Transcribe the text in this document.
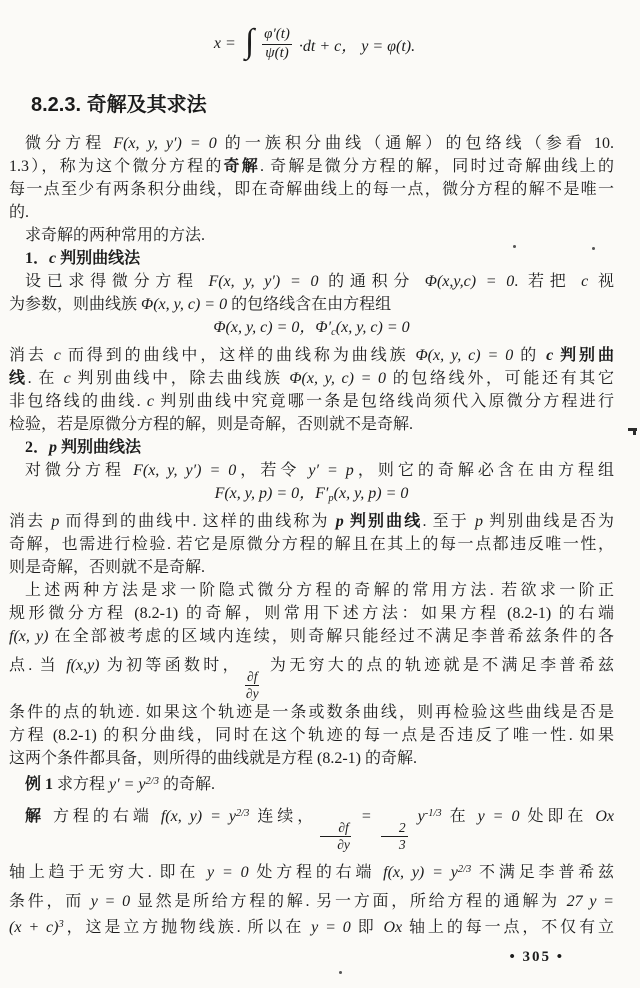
x = ∫ $\frac{\varphi'(t)}{\psi(t)} \cdot dt + c$， y = φ(t).
8.2.3. 奇解及其求法
微分方程 F(x, y, y′) = 0 的一族积分曲线（通解）的包络线（参看 10.
1.3），称为这个微分方程的奇解. 奇解是微分方程的解，同时过奇解曲线上的
每一点至少有两条积分曲线，即在奇解曲线上的每一点，微分方程的解不是唯一
的.
求奇解的两种常用的方法.
1．c 判别曲线法
设已求得微分方程 F(x, y, y′) = 0 的通积分 Φ(x,y,c) = 0. 若把 c 视
为参数，则曲线族 Φ(x, y, c) = 0 的包络线含在由方程组
Φ(x, y, c) = 0，$\Phi'_c(x$, y, c) = 0
消去 c 而得到的曲线中，这样的曲线称为曲线族 Φ(x, y, c) = 0 的 c 判别曲
线. 在 c 判别曲线中，除去曲线族 Φ(x, y, c) = 0 的包络线外，可能还有其它
非包络线的曲线. c 判别曲线中究竟哪一条是包络线尚须代入原微分方程进行
检验，若是原微分方程的解，则是奇解，否则就不是奇解.
2．p 判别曲线法
对微分方程 F(x, y, y′) = 0，若令 y′ = p，则它的奇解必含在由方程组
F(x, y, p) = 0，$F'_p(x$, y, p) = 0
消去 p 而得到的曲线中. 这样的曲线称为 p 判别曲线. 至于 p 判别曲线是否为
奇解，也需进行检验. 若它是原微分方程的解且在其上的每一点都违反唯一性，
则是奇解，否则就不是奇解.
上述两种方法是求一阶隐式微分方程的奇解的常用方法. 若欲求一阶正
规形微分方程 (8.2-1) 的奇解，则常用下述方法：如果方程 (8.2-1) 的右端
f(x, y) 在全部被考虑的区域内连续，则奇解只能经过不满足李普希兹条件的各
点. 当 f(x,y) 为初等函数时，
$\frac{\partial f}{\partial y}$
为无穷大的点的轨迹就是不满足李普希兹
条件的点的轨迹. 如果这个轨迹是一条或数条曲线，则再检验这些曲线是否是
方程 (8.2-1) 的积分曲线，同时在这个轨迹的每一点是否违反了唯一性. 如果
这两个条件都具备，则所得的曲线就是方程 (8.2-1) 的奇解.
例 1 求方程 $y' = y^{2/3}$ 的奇解.
解 方程的右端 f(x, $y) = y^{2/3}$ 连续，
$\frac{\partial f}{\partial y}$
=
$\frac{2}{3}$
$y^{-1/3}$ 在 y = 0 处即在 Ox
轴上趋于无穷大. 即在 y = 0 处方程的右端 f(x, $y) = y^{2/3}$ 不满足李普希兹
条件，而 y = 0 显然是所给方程的解. 另一方面，所给方程的通解为 27 y =
$(x + c)^3$，这是立方抛物线族. 所以在 y = 0 即 Ox 轴上的每一点，不仅有立
• 305 •
